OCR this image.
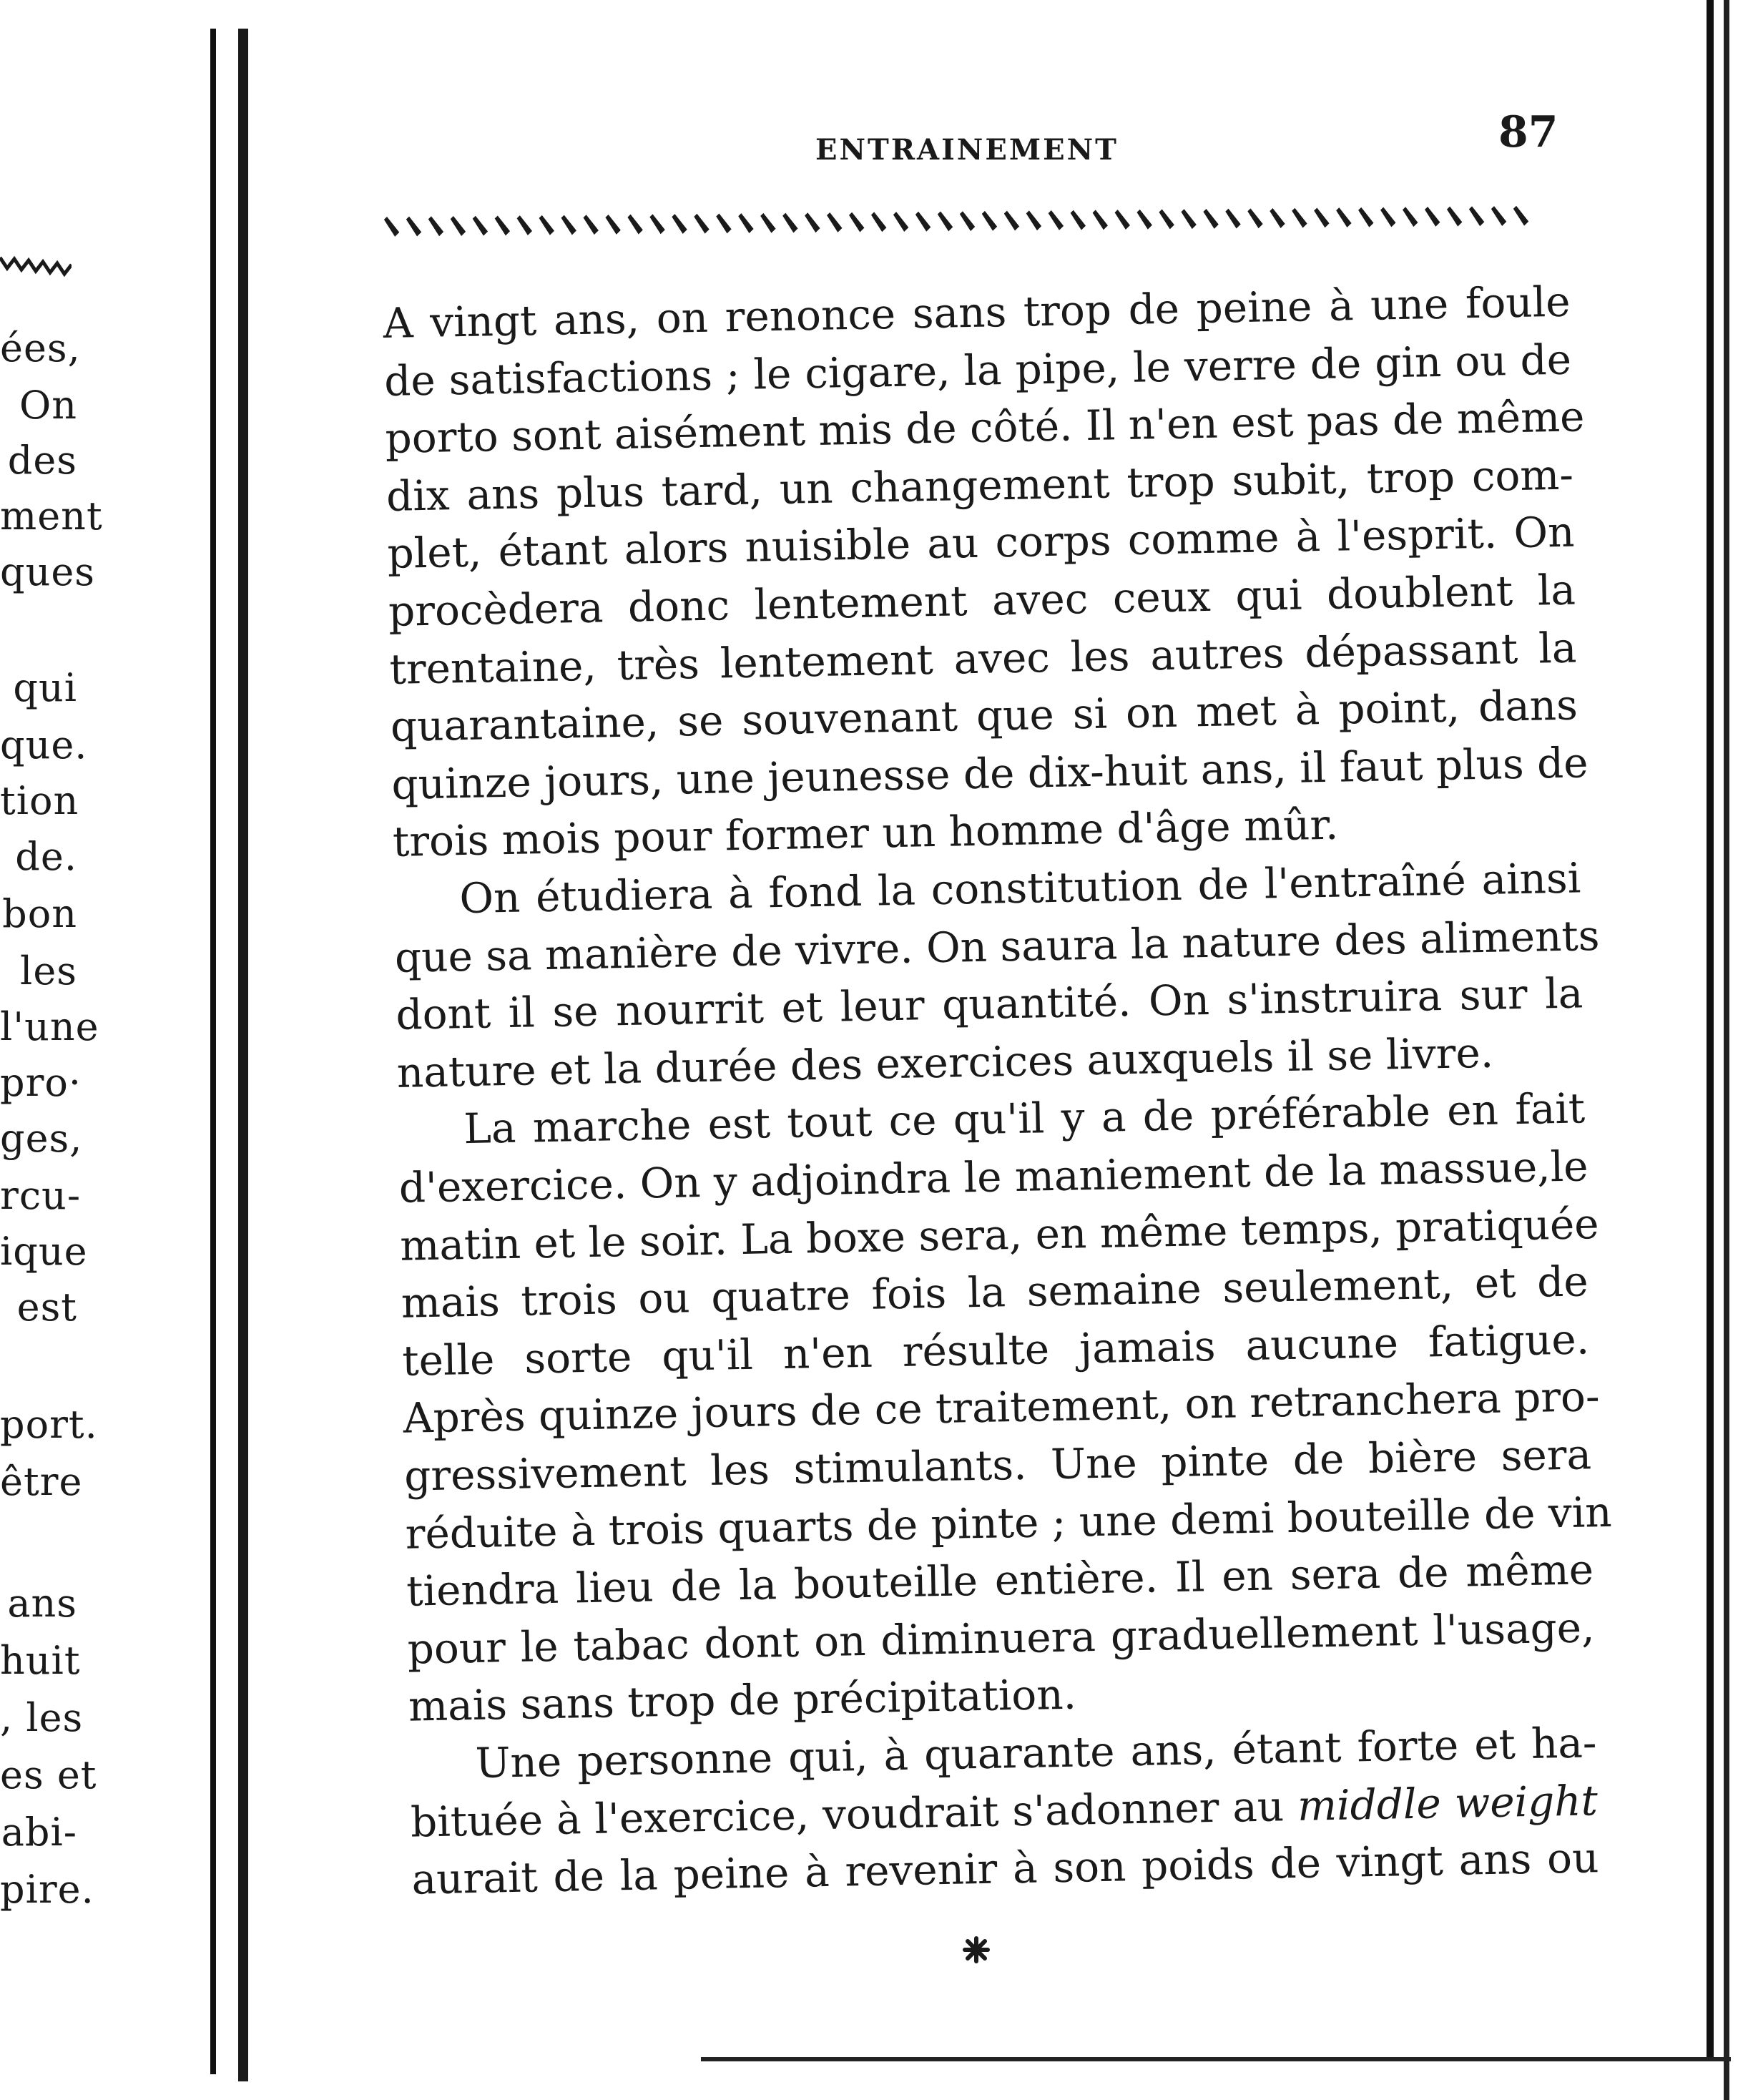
ées,
On
des
ment
ques
qui
que.
tion
de.
bon
les
l'une
pro·
ges,
rcu-
ique
est
port.
être
ans
huit
, les
es et
abi-
pire.
ENTRAINEMENT	87
A vingt ans, on renonce sans trop de peine à une foule
de satisfactions ; le cigare, la pipe, le verre de gin ou de
porto sont aisément mis de côté. Il n'en est pas de même
dix ans plus tard, un changement trop subit, trop com-
plet, étant alors nuisible au corps comme à l'esprit. On
procèdera donc lentement avec ceux qui doublent la
trentaine, très lentement avec les autres dépassant la
quarantaine, se souvenant que si on met à point, dans
quinze jours, une jeunesse de dix-huit ans, il faut plus de
trois mois pour former un homme d'âge mûr.
On étudiera à fond la constitution de l'entraîné ainsi
que sa manière de vivre. On saura la nature des aliments
dont il se nourrit et leur quantité. On s'instruira sur la
nature et la durée des exercices auxquels il se livre.
La marche est tout ce qu'il y a de préférable en fait
d'exercice. On y adjoindra le maniement de la massue,le
matin et le soir. La boxe sera, en même temps, pratiquée
mais trois ou quatre fois la semaine seulement, et de
telle sorte qu'il n'en résulte jamais aucune fatigue.
Après quinze jours de ce traitement, on retranchera pro-
gressivement les stimulants. Une pinte de bière sera
réduite à trois quarts de pinte ; une demi bouteille de vin
tiendra lieu de la bouteille entière. Il en sera de même
pour le tabac dont on diminuera graduellement l'usage,
mais sans trop de précipitation.
Une personne qui, à quarante ans, étant forte et ha-
bituée à l'exercice, voudrait s'adonner au middle weight
aurait de la peine à revenir à son poids de vingt ans ou
